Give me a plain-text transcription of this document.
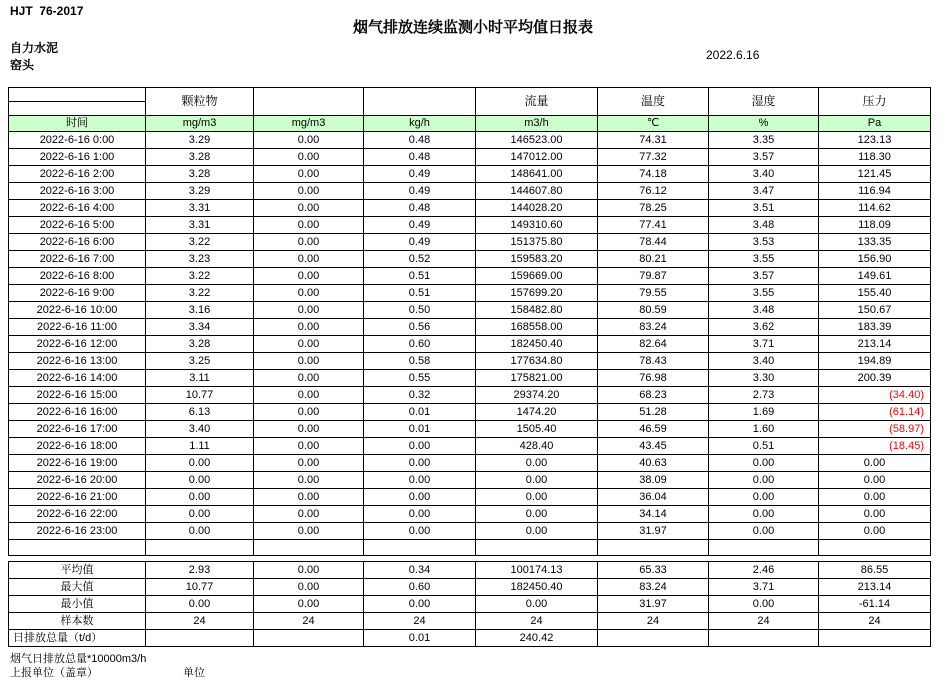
HJT  76-2017
烟气排放连续监测小时平均值日报表
自力水泥
窑头
2022.6.16
	颗粒物			流量	温度	湿度	压力

时间	mg/m3	mg/m3	kg/h	m3/h	℃	%	Pa
2022-6-16 0:00	3.29	0.00	0.48	146523.00	74.31	3.35	123.13
2022-6-16 1:00	3.28	0.00	0.48	147012.00	77.32	3.57	118.30
2022-6-16 2:00	3.28	0.00	0.49	148641.00	74.18	3.40	121.45
2022-6-16 3:00	3.29	0.00	0.49	144607.80	76.12	3.47	116.94
2022-6-16 4:00	3.31	0.00	0.48	144028.20	78.25	3.51	114.62
2022-6-16 5:00	3.31	0.00	0.49	149310.60	77.41	3.48	118.09
2022-6-16 6:00	3.22	0.00	0.49	151375.80	78.44	3.53	133.35
2022-6-16 7:00	3.23	0.00	0.52	159583.20	80.21	3.55	156.90
2022-6-16 8:00	3.22	0.00	0.51	159669.00	79.87	3.57	149.61
2022-6-16 9:00	3.22	0.00	0.51	157699.20	79.55	3.55	155.40
2022-6-16 10:00	3.16	0.00	0.50	158482.80	80.59	3.48	150.67
2022-6-16 11:00	3.34	0.00	0.56	168558.00	83.24	3.62	183.39
2022-6-16 12:00	3.28	0.00	0.60	182450.40	82.64	3.71	213.14
2022-6-16 13:00	3.25	0.00	0.58	177634.80	78.43	3.40	194.89
2022-6-16 14:00	3.11	0.00	0.55	175821.00	76.98	3.30	200.39
2022-6-16 15:00	10.77	0.00	0.32	29374.20	68.23	2.73	(34.40)
2022-6-16 16:00	6.13	0.00	0.01	1474.20	51.28	1.69	(61.14)
2022-6-16 17:00	3.40	0.00	0.01	1505.40	46.59	1.60	(58.97)
2022-6-16 18:00	1.11	0.00	0.00	428.40	43.45	0.51	(18.45)
2022-6-16 19:00	0.00	0.00	0.00	0.00	40.63	0.00	0.00
2022-6-16 20:00	0.00	0.00	0.00	0.00	38.09	0.00	0.00
2022-6-16 21:00	0.00	0.00	0.00	0.00	36.04	0.00	0.00
2022-6-16 22:00	0.00	0.00	0.00	0.00	34.14	0.00	0.00
2022-6-16 23:00	0.00	0.00	0.00	0.00	31.97	0.00	0.00

平均值	2.93	0.00	0.34	100174.13	65.33	2.46	86.55
最大值	10.77	0.00	0.60	182450.40	83.24	3.71	213.14
最小值	0.00	0.00	0.00	0.00	31.97	0.00	-61.14
样本数	24	24	24	24	24	24	24
日排放总量（t/d）			0.01	240.42			
烟气日排放总量*10000m3/h
上报单位（盖章）	单位
